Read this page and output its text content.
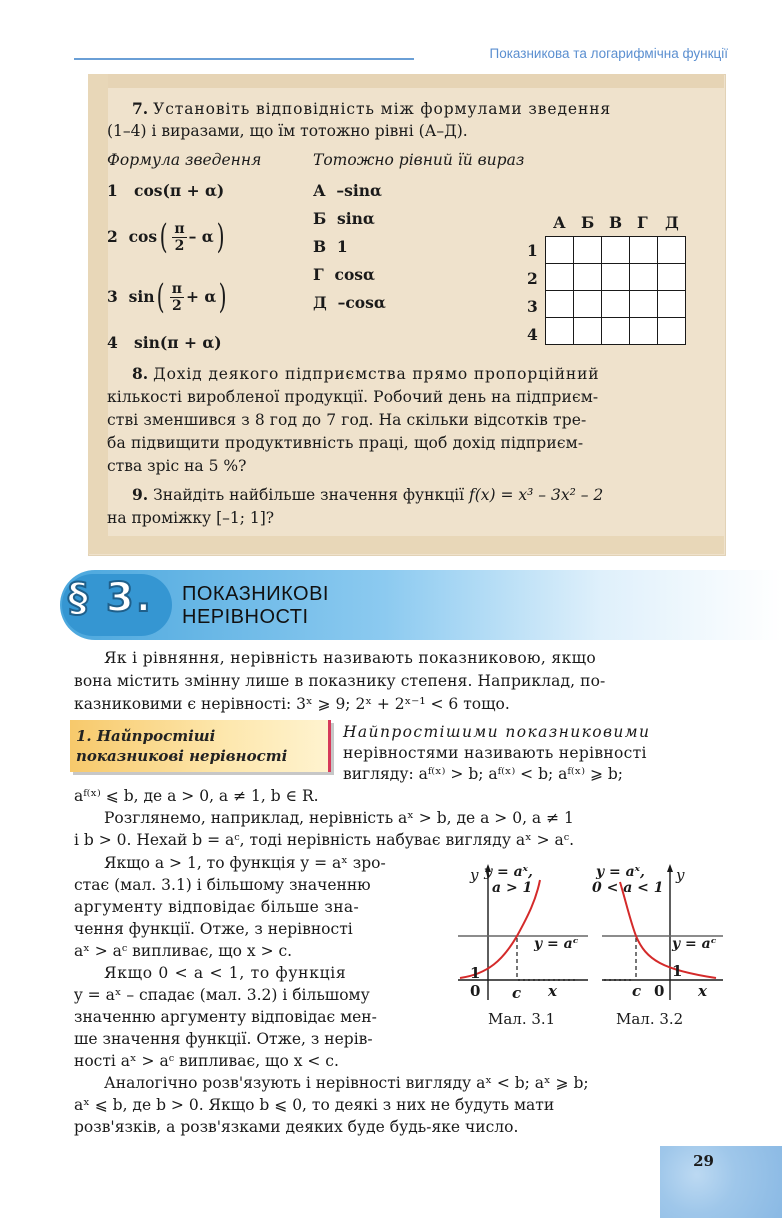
Показникова та логарифмічна функції
7. Установіть відповідність між формулами зведення
(1–4) і виразами, що їм тотожно рівні (А–Д).
Формула зведення	Тотожно рівний їй вираз
1 cos(π + α)
2
cos ( $\frac{\pi}{2}$ – α )
3
sin ( $\frac{\pi}{2} + \alpha$ )
4 sin(π + α)
А –sinα
Б sinα
В 1
Г cosα
Д –cosα
А Б В Г Д
1
2
3
4

8. Дохід деякого підприємства прямо пропорційний
кількості виробленої продукції. Робочий день на підприєм-
стві зменшився з 8 год до 7 год. На скільки відсотків тре-
ба підвищити продуктивність праці, щоб дохід підприєм-
ства зріс на 5 %?
9. Знайдіть найбільше значення функції f(x) = x³ – 3x² – 2
на проміжку [–1; 1]?
§ 3. ПОКАЗНИКОВІ
НЕРІВНОСТІ
Як і рівняння, нерівність називають показниковою, якщо
вона містить змінну лише в показнику степеня. Наприклад, по-
казниковими є нерівності: 3ˣ ⩾ 9; 2ˣ + 2ˣ⁻¹ < 6 тощо.
1. Найпростіші
показникові нерівності
Найпростішими показниковими
нерівностями називають нерівності
вигляду: aᶠ⁽ˣ⁾ > b; aᶠ⁽ˣ⁾ < b; aᶠ⁽ˣ⁾ ⩾ b;
aᶠ⁽ˣ⁾ ⩽ b, де a > 0, a ≠ 1, b ∈ R.
Розглянемо, наприклад, нерівність aˣ > b, де a > 0, a ≠ 1
і b > 0. Нехай b = aᶜ, тоді нерівність набуває вигляду aˣ > aᶜ.
Якщо a > 1, то функція y = aˣ зро-
стає (мал. 3.1) і більшому значенню
аргументу відповідає більше зна-
чення функції. Отже, з нерівності
aˣ > aᶜ випливає, що x > c.
Якщо 0 < a < 1, то функція
y = aˣ – спадає (мал. 3.2) і більшому
значенню аргументу відповідає мен-
ше значення функції. Отже, з нерів-
ності aˣ > aᶜ випливає, що x < c.
Аналогічно розв'язують і нерівності вигляду aˣ < b; aˣ ⩾ b;
aˣ ⩽ b, де b > 0. Якщо b ⩽ 0, то деякі з них не будуть мати
розв'язків, а розв'язками деяких буде будь-яке число.
y y = aˣ,
a > 1
y = aᶜ
1
0 c x
Мал. 3.1
y = aˣ,
0 < a < 1
y
y = aᶜ
1
c 0 x
Мал. 3.2
29
